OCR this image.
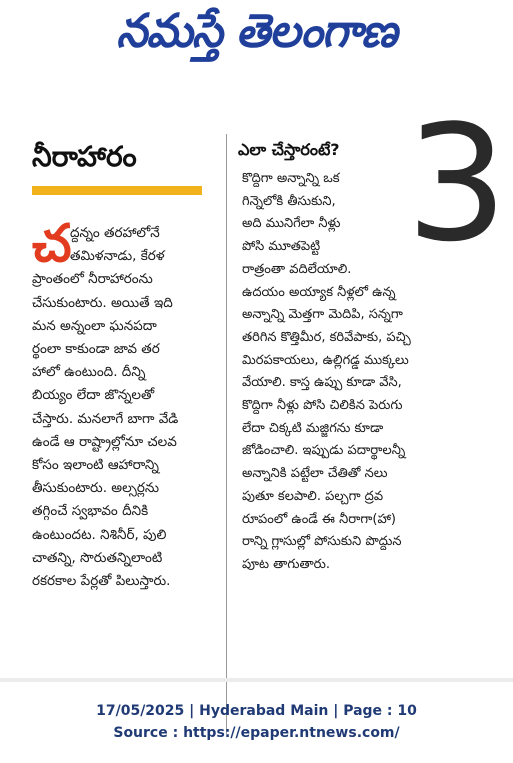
నమస్తే తెలంగాణ
నీరాహారం
చ
ద్దన్నం తరహాలోనే
తమిళనాడు, కేరళ
ప్రాంతంలో నీరాహారంను
చేసుకుంటారు. అయితే ఇది
మన అన్నంలా ఘనపదా
ర్థంలా కాకుండా జావ తర
హాలో ఉంటుంది. దీన్ని
బియ్యం లేదా జొన్నలతో
చేస్తారు. మనలాగే బాగా వేడి
ఉండే ఆ రాష్ట్రాల్లోనూ చలవ
కోసం ఇలాంటి ఆహారాన్ని
తీసుకుంటారు. అల్సర్లను
తగ్గించే స్వభావం దీనికి
ఉంటుందట. నిశినీర్, పులి
చాతన్ని, సొరుతన్నిలాంటి
రకరకాల పేర్లతో పిలుస్తారు.
ఎలా చేస్తారంటే? 3
కొద్దిగా అన్నాన్ని ఒక
గిన్నెలోకి తీసుకుని,
అది మునిగేలా నీళ్లు
పోసి మూతపెట్టి
రాత్రంతా వదిలేయాలి.
ఉదయం అయ్యాక నీళ్లలో ఉన్న
అన్నాన్ని మెత్తగా మెదిపి, సన్నగా
తరిగిన కొత్తిమీర, కరివేపాకు, పచ్చి
మిరపకాయలు, ఉల్లిగడ్డ ముక్కలు
వేయాలి. కాస్త ఉప్పు కూడా వేసి,
కొద్దిగా నీళ్లు పోసి చిలికిన పెరుగు
లేదా చిక్కటి మజ్జిగను కూడా
జోడించాలి. ఇప్పుడు పదార్థాలన్నీ
అన్నానికి పట్టేలా చేతితో నలు
పుతూ కలపాలి. పల్చగా ద్రవ
రూపంలో ఉండే ఈ నీరాగా(హా)
రాన్ని గ్లాసుల్లో పోసుకుని పొద్దున
పూట తాగుతారు.
17/05/2025 | Hyderabad Main | Page : 10
Source : https://epaper.ntnews.com/
